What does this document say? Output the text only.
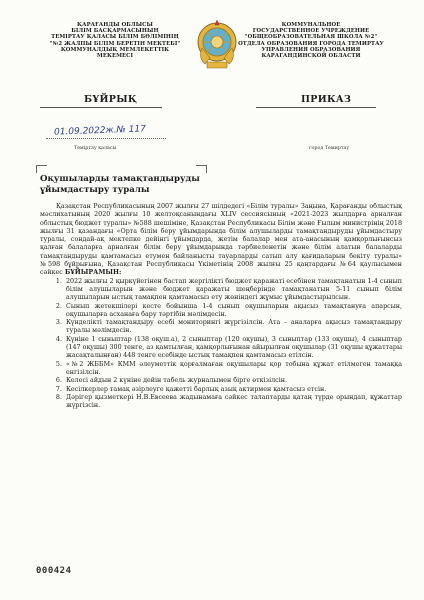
ҚАРАҒАНДЫ ОБЛЫСЫ
БІЛІМ БАСҚАРМАСЫНЫҢ
ТЕМІРТАУ ҚАЛАСЫ БІЛІМ БӨЛІМІНІҢ
"№2 ЖАЛПЫ БІЛІМ БЕРЕТІН МЕКТЕБІ"
КОММУНАЛДЫҚ МЕМЛЕКЕТТІК
МЕКЕМЕСІ
КОММУНАЛЬНОЕ
ГОСУДАРСТВЕННОЕ УЧРЕЖДЕНИЕ
"ОБЩЕОБРАЗОВАТЕЛЬНАЯ ШКОЛА №2"
ОТДЕЛА ОБРАЗОВАНИЯ ГОРОДА ТЕМИРТАУ
УПРАВЛЕНИЯ ОБРАЗОВАНИЯ
КАРАГАНДИНСКОЙ ОБЛАСТИ
БҰЙРЫҚ	ПРИКАЗ
01.09.2022ж.№ 117
Теміртау қаласы	город Темиртау
Оқушыларды тамақтандыруды
ұйымдастыру туралы

Қазақстан Республикасының 2007 жылғы 27 шілдедегі «Білім туралы» Заңына, Қарағанды облыстық мәслихатының 2020 жылғы 10 желтоқсанындағы XLIV сессиясының «2021-2023 жылдарға арналған облыстық бюджет туралы» №588 шешіміне, Қазақстан Республикасы Білім және Ғылым министрінің 2018 жылғы 31 қазандағы «Орта білім беру ұйымдарында білім алушыларды тамақтандыруды ұйымдастыру туралы, сондай-ақ мектепке дейінгі ұйымдарда, жетім балалар мен ата-анасының қамқорлығынсыз қалған балаларға арналған білім беру ұйымдарында тәрбиеленетін және білім алатын балаларды тамақтандыруды қамтамасыз етумен байланысты тауарларды сатып алу қағидаларын бекіту туралы» №598 бұйрығына, Қазақстан Республикасы Үкіметінің 2008 жылғы 25 қаңтардағы №64 қаулысымен сәйкес БҰЙЫРАМЫН:

1. 2022 жылғы 2 қыркүйегінен бастап жергілікті бюджет қаражаті есебінен тамақтанатын 1-4 сынып білім алушыларын және бюджет қаражаты шеңберінде тамақтанатын 5-11 сынып білім алушыларын ыстық тамақпен қамтамасыз ету жөніндегі жұмыс ұйымдастырылсын.
2. Сынып жетекшілері кесте бойынша 1-4 сынып оқушыларын ақысыз тамақтануға апарсын, оқушыларға асханаға бару тәртібін мәлімдесін.
3. Күнделікті тамақтандыру есебі мониторингі жүргізілсін. Ата – аналарға ақысыз тамақтандыру туралы мәлімдесін.
4. Күніне 1 сыныптар (138 оқуш.а), 2 сыныптар (120 оқушы), 3 сыныптар (133 оқушы), 4 сыныптар (147 оқушы) 300 тенге, аз қамтылған, қамқорлығынан айырылған оқушылар (31 оқушы құжаттары жасақталынған) 448 тенге есебінде ыстық тамақпен қамтамасыз етілсін.
5. «№2 ЖББМ» КММ әлеуметтік қорғалмаған оқушылары қор тобына құжат етілмеген тамаққа енгізілсін.
6. Келесі айдын 2 күніне дейін табель журналымен бірге өткізілсін.
7. Кесілкерлер тамақ әзірлеуге қажетті барлық азық актирмен қамтасыз етсін.
8. Дәрігер қызметкері Н.В.Евсеева жадынамаға сәйкес талаптарды қатаң түрде орындап, құжаттар жүргізсін.
000424
